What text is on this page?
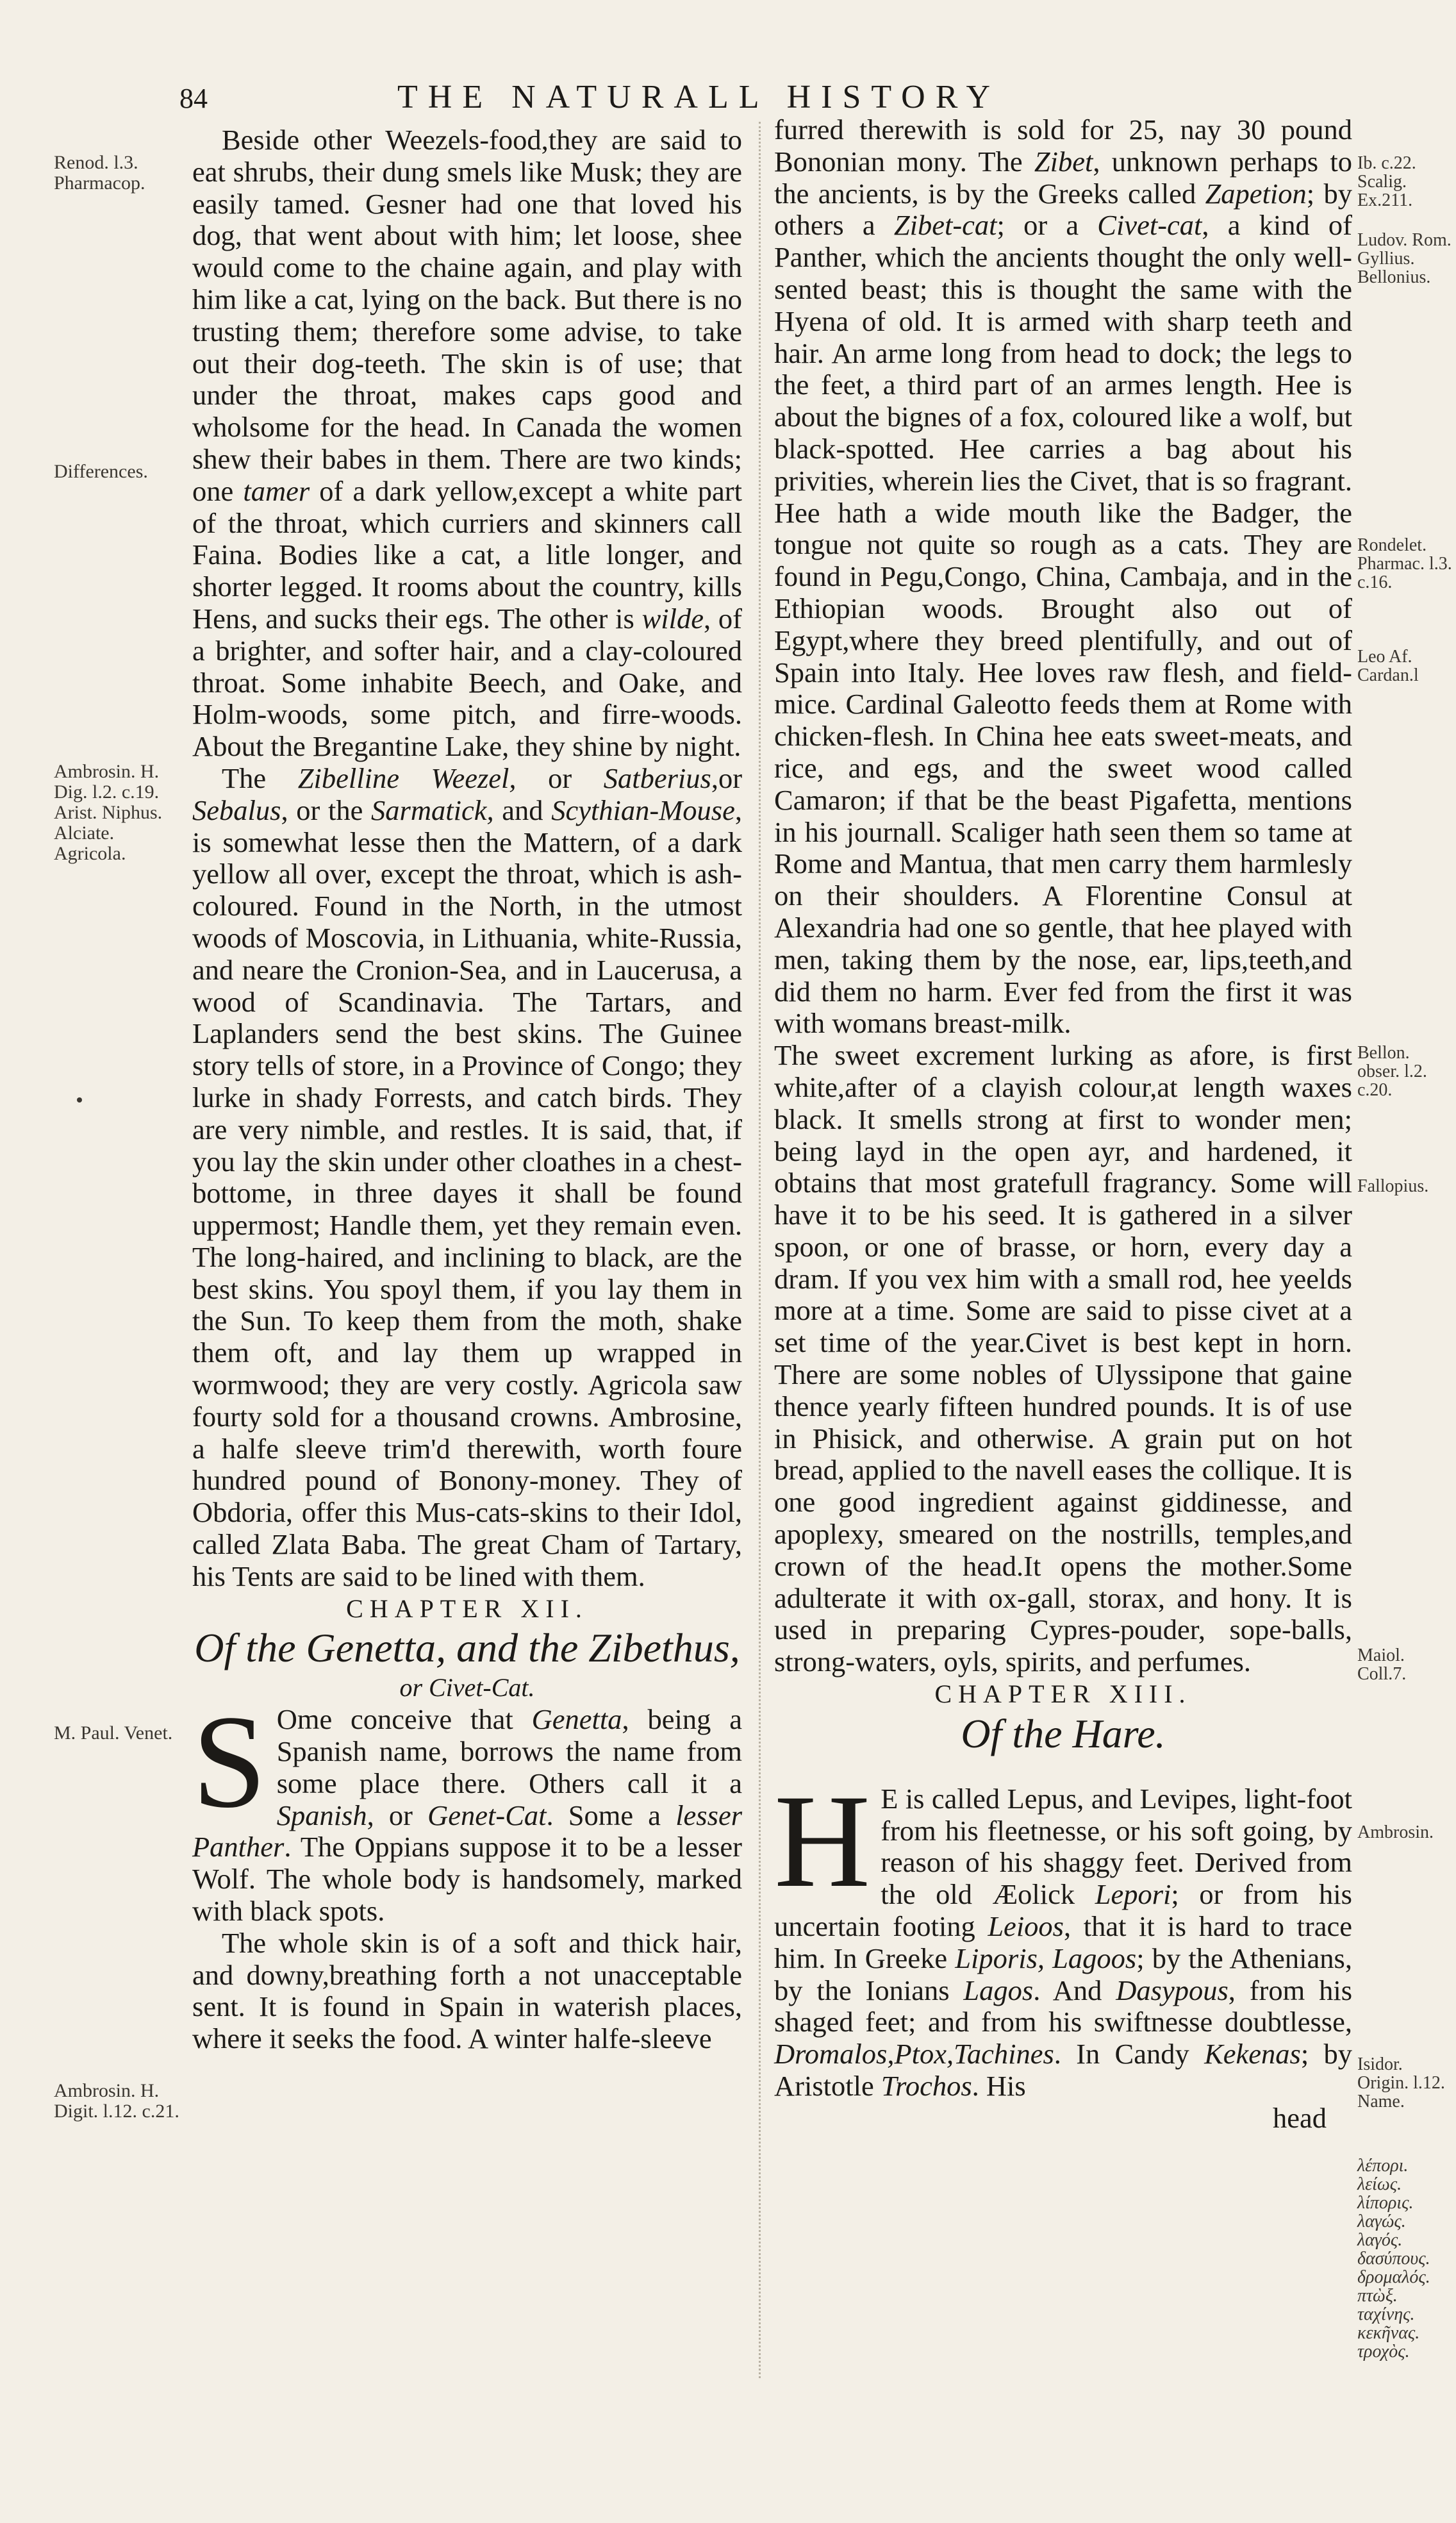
84	THE NATURALL HISTORY

Beside other Weezels-food,they are said to eat shrubs, their dung smels like Musk; they are easily tamed. Gesner had one that loved his dog, that went about with him; let loose, shee would come to the chaine again, and play with him like a cat, lying on the back. But there is no trusting them; therefore some advise, to take out their dog-teeth. The skin is of use; that under the throat, makes caps good and wholsome for the head. In Canada the women shew their babes in them. There are two kinds; one tamer of a dark yellow,except a white part of the throat, which curriers and skinners call Faina. Bodies like a cat, a litle longer, and shorter legged. It rooms about the country, kills Hens, and sucks their egs. The other is wilde, of a brighter, and softer hair, and a clay-coloured throat. Some inhabite Beech, and Oake, and Holm-woods, some pitch, and firre-woods. About the Bregantine Lake, they shine by night.

The Zibelline Weezel, or Satberius,or Sebalus, or the Sarmatick, and Scythian-Mouse, is somewhat lesse then the Mattern, of a dark yellow all over, except the throat, which is ash-coloured. Found in the North, in the utmost woods of Moscovia, in Lithuania, white-Russia, and neare the Cronion-Sea, and in Laucerusa, a wood of Scandinavia. The Tartars, and Laplanders send the best skins. The Guinee story tells of store, in a Province of Congo; they lurke in shady Forrests, and catch birds. They are very nimble, and restles. It is said, that, if you lay the skin under other cloathes in a chest-bottome, in three dayes it shall be found uppermost; Handle them, yet they remain even. The long-haired, and inclining to black, are the best skins. You spoyl them, if you lay them in the Sun. To keep them from the moth, shake them oft, and lay them up wrapped in wormwood; they are very costly. Agricola saw fourty sold for a thousand crowns. Ambrosine, a halfe sleeve trim'd therewith, worth foure hundred pound of Bonony-money. They of Obdoria, offer this Mus-cats-skins to their Idol, called Zlata Baba. The great Cham of Tartary, his Tents are said to be lined with them.

CHAPTER XII.

Of the Genetta, and the Zibethus,

or Civet-Cat.

S Ome conceive that Genetta, being a Spanish name, borrows the name from some place there. Others call it a Spanish, or Genet-Cat. Some a lesser Panther. The Oppians suppose it to be a lesser Wolf. The whole body is handsomely, marked with black spots.

The whole skin is of a soft and thick hair, and downy,breathing forth a not unacceptable sent. It is found in Spain in waterish places, where it seeks the food. A winter halfe-sleeve

furred therewith is sold for 25, nay 30 pound Bononian mony. The Zibet, unknown perhaps to the ancients, is by the Greeks called Zapetion; by others a Zibet-cat; or a Civet-cat, a kind of Panther, which the ancients thought the only well-sented beast; this is thought the same with the Hyena of old. It is armed with sharp teeth and hair. An arme long from head to dock; the legs to the feet, a third part of an armes length. Hee is about the bignes of a fox, coloured like a wolf, but black-spotted. Hee carries a bag about his privities, wherein lies the Civet, that is so fragrant. Hee hath a wide mouth like the Badger, the tongue not quite so rough as a cats. They are found in Pegu,Congo, China, Cambaja, and in the Ethiopian woods. Brought also out of Egypt,where they breed plentifully, and out of Spain into Italy. Hee loves raw flesh, and field-mice. Cardinal Galeotto feeds them at Rome with chicken-flesh. In China hee eats sweet-meats, and rice, and egs, and the sweet wood called Camaron; if that be the beast Pigafetta, mentions in his journall. Scaliger hath seen them so tame at Rome and Mantua, that men carry them harmlesly on their shoulders. A Florentine Consul at Alexandria had one so gentle, that hee played with men, taking them by the nose, ear, lips,teeth,and did them no harm. Ever fed from the first it was with womans breast-milk.

The sweet excrement lurking as afore, is first white,after of a clayish colour,at length waxes black. It smells strong at first to wonder men; being layd in the open ayr, and hardened, it obtains that most gratefull fragrancy. Some will have it to be his seed. It is gathered in a silver spoon, or one of brasse, or horn, every day a dram. If you vex him with a small rod, hee yeelds more at a time. Some are said to pisse civet at a set time of the year.Civet is best kept in horn. There are some nobles of Ulyssipone that gaine thence yearly fifteen hundred pounds. It is of use in Phisick, and otherwise. A grain put on hot bread, applied to the navell eases the collique. It is one good ingredient against giddinesse, and apoplexy, smeared on the nostrills, temples,and crown of the head.It opens the mother.Some adulterate it with ox-gall, storax, and hony. It is used in preparing Cypres-pouder, sope-balls, strong-waters, oyls, spirits, and perfumes.

CHAPTER XIII.

Of the Hare.

H E is called Lepus, and Levipes, light-foot from his fleetnesse, or his soft going, by reason of his shaggy feet. Derived from the old Æolick Lepori; or from his uncertain footing Leioos, that it is hard to trace him. In Greeke Liporis, Lagoos; by the Athenians, by the Ionians Lagos. And Dasypous, from his shaged feet; and from his swiftnesse doubtlesse, Dromalos,Ptox,Tachines. In Candy Kekenas; by Aristotle Trochos. His

head

Renod. l.3. Pharmacop.
Differences.
Ambrosin. H. Dig. l.2. c.19. Arist. Niphus. Alciate. Agricola.
M. Paul. Venet.
Ambrosin. H. Digit. l.12. c.21.
Ib. c.22. Scalig. Ex.211.
Ludov. Rom. Gyllius. Bellonius.
Rondelet. Pharmac. l.3. c.16.
Leo Af. Cardan.l
Bellon. obser. l.2. c.20.
Fallopius.
Maiol. Coll.7.
Ambrosin.
Isidor. Origin. l.12. Name.
λέπορι. λείως. λίπορις. λαγώς. λαγός. δασύπους. δρομαλός. πτὼξ. ταχίνης. κεκῆνας. τροχὸς.
